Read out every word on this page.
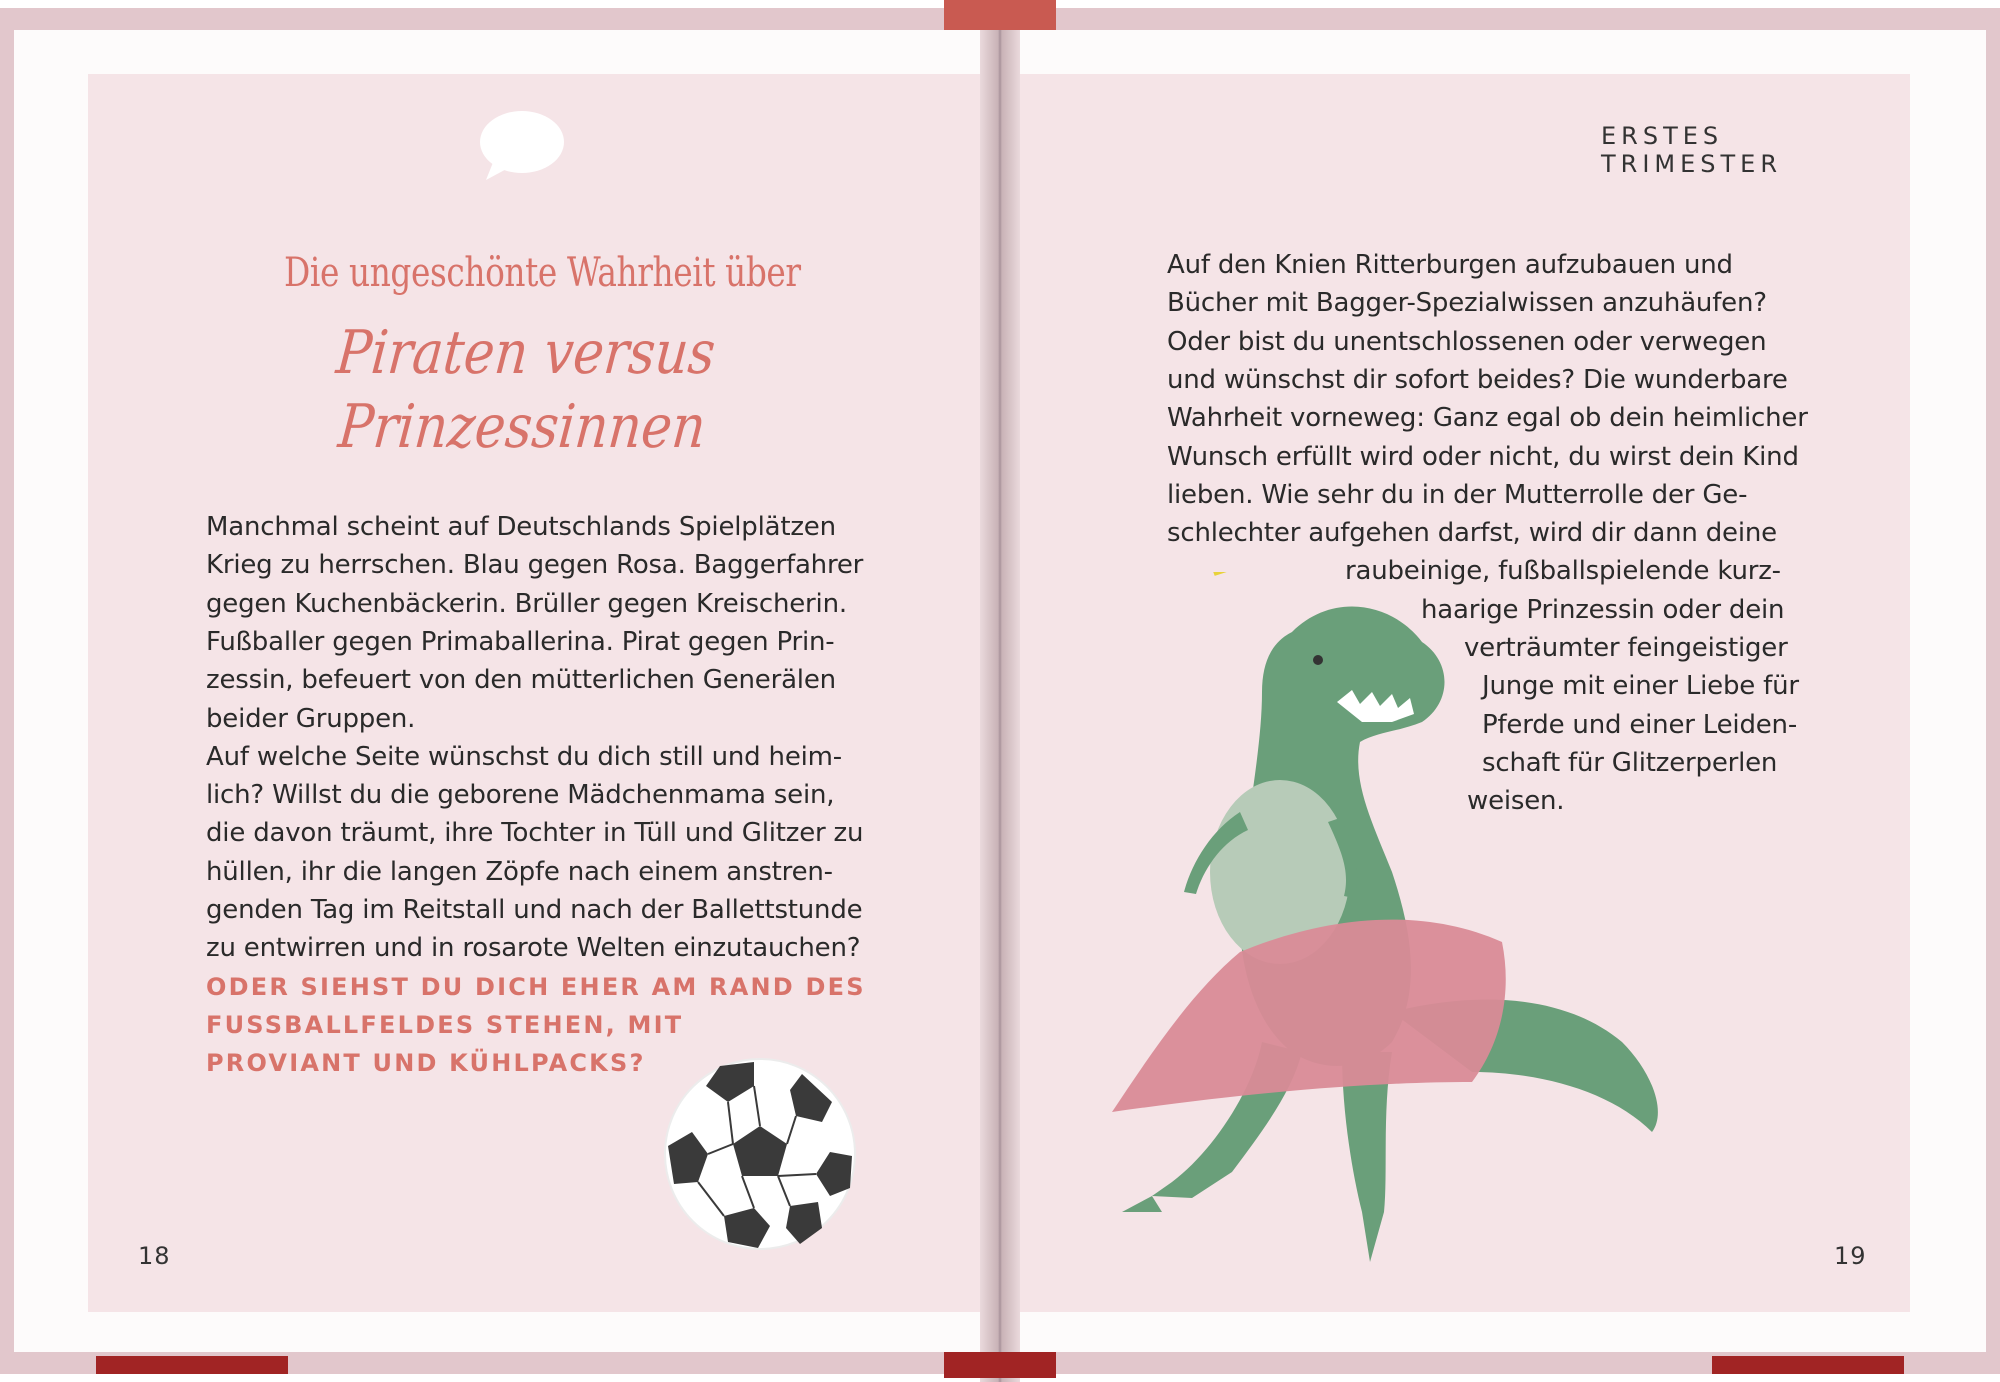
Die ungeschönte Wahrheit über
Piraten versus
Prinzessinnen
Manchmal scheint auf Deutschlands Spielplätzen
Krieg zu herrschen. Blau gegen Rosa. Baggerfahrer
gegen Kuchenbäckerin. Brüller gegen Kreischerin.
Fußballer gegen Primaballerina. Pirat gegen Prin-
zessin, befeuert von den mütterlichen Generälen
beider Gruppen.
Auf welche Seite wünschst du dich still und heim-
lich? Willst du die geborene Mädchenmama sein,
die davon träumt, ihre Tochter in Tüll und Glitzer zu
hüllen, ihr die langen Zöpfe nach einem anstren-
genden Tag im Reitstall und nach der Ballettstunde
zu entwirren und in rosarote Welten einzutauchen?
ODER SIEHST DU DICH EHER AM RAND DES
FUSSBALLFELDES STEHEN, MIT
PROVIANT UND KÜHLPACKS?
18
ERSTES TRIMESTER
Auf den Knien Ritterburgen aufzubauen und
Bücher mit Bagger-Spezialwissen anzuhäufen?
Oder bist du unentschlossenen oder verwegen
und wünschst dir sofort beides? Die wunderbare
Wahrheit vorneweg: Ganz egal ob dein heimlicher
Wunsch erfüllt wird oder nicht, du wirst dein Kind
lieben. Wie sehr du in der Mutterrolle der Ge-
schlechter aufgehen darfst, wird dir dann deine
raubeinige, fußballspielende kurz-
haarige Prinzessin oder dein
verträumter feingeistiger
Junge mit einer Liebe für
Pferde und einer Leiden-
schaft für Glitzerperlen
weisen.
19
